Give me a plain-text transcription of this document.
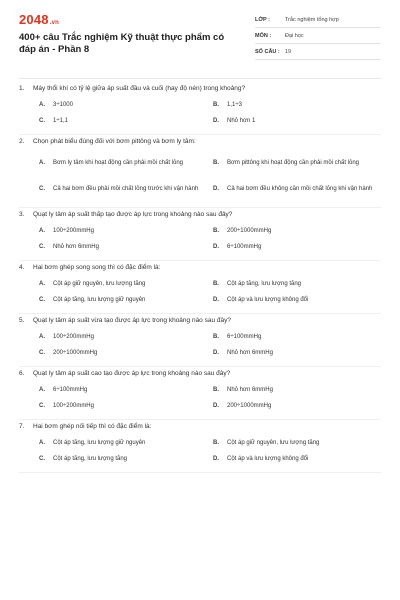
2048.vn
400+ câu Trắc nghiệm Kỹ thuật thực phẩm có đáp án - Phần 8
LỚP :	Trắc nghiệm tổng hợp
MÔN :	Đại học
SỐ CÂU : 19
1.	Máy thổi khí có tỷ lệ giữa áp suất đầu và cuối (hay độ nén) trong khoảng?
A.	3÷1000	B.	1,1÷3
C.	1÷1,1	D.	Nhỏ hơn 1
2.	Chọn phát biểu đúng đối với bơm pittông và bơm ly tâm:
A.	Bơm ly tâm khi hoạt động cần phải mồi chất lỏng	B.	Bơm pittông khi hoạt động cần phải mồi chất lỏng
C.	Cả hai bơm đều phải mồi chất lỏng trước khi vận hành D.	Cả hai bơm đều không cần mồi chất lỏng khi vận hành
3.	Quạt ly tâm áp suất thấp tạo được áp lực trong khoảng nào sau đây?
A.	100÷200mmHg	B.	200÷1000mmHg
C.	Nhỏ hơn 6mmHg	D.	6÷100mmHg
4.	Hai bơm ghép song song thì có đặc điểm là:
A.	Cột áp giữ nguyên, lưu lượng tăng	B.	Cột áp tăng, lưu lượng tăng
C.	Cột áp tăng, lưu lượng giữ nguyên	D.	Cột áp và lưu lượng không đổi
5.	Quạt ly tâm áp suất vừa tạo được áp lực trong khoảng nào sau đây?
A.	100÷200mmHg	B.	6÷100mmHg
C.	200÷1000mmHg	D.	Nhỏ hơn 6mmHg
6.	Quạt ly tâm áp suất cao tạo được áp lực trong khoảng nào sau đây?
A.	6÷100mmHg	B.	Nhỏ hơn 6mmHg
C.	100÷200mmHg	D.	200÷1000mmHg
7.	Hai bơm ghép nối tiếp thì có đặc điểm là:
A.	Cột áp tăng, lưu lượng giữ nguyên	B.	Cột áp giữ nguyên, lưu lượng tăng
C.	Cột áp tăng, lưu lượng tăng	D.	Cột áp và lưu lượng không đổi
